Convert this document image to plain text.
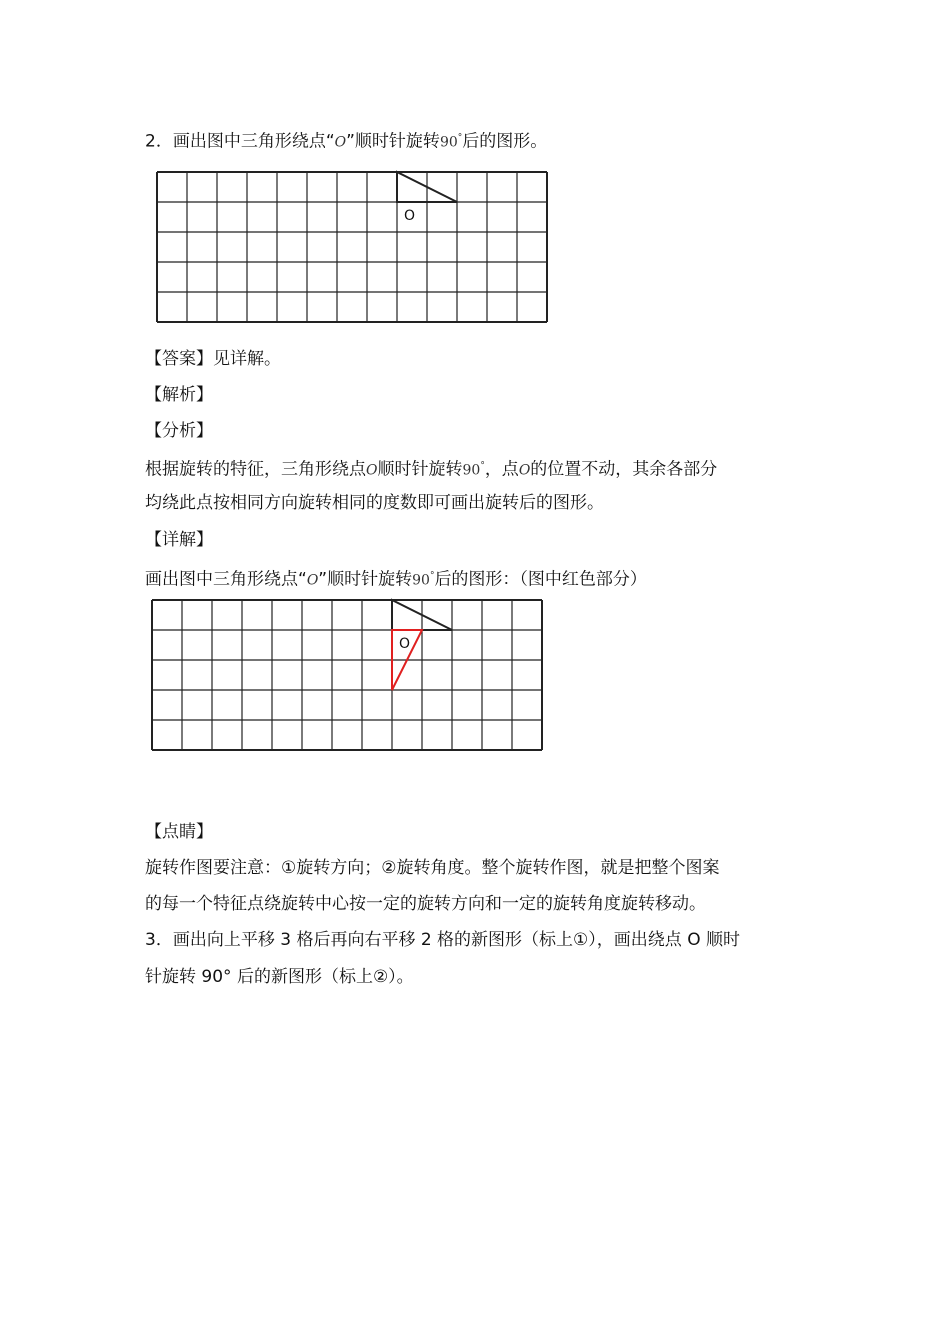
2．画出图中三角形绕点“O”顺时针旋转90°后的图形。
O
【答案】见详解。
【解析】
【分析】
根据旋转的特征，三角形绕点O顺时针旋转90°，点O的位置不动，其余各部分
均绕此点按相同方向旋转相同的度数即可画出旋转后的图形。
【详解】
画出图中三角形绕点“O”顺时针旋转90°后的图形：（图中红色部分）
O
【点睛】
旋转作图要注意：①旋转方向；②旋转角度。整个旋转作图，就是把整个图案
的每一个特征点绕旋转中心按一定的旋转方向和一定的旋转角度旋转移动。
3．画出向上平移 3 格后再向右平移 2 格的新图形（标上①），画出绕点 O 顺时
针旋转 90° 后的新图形（标上②）。
